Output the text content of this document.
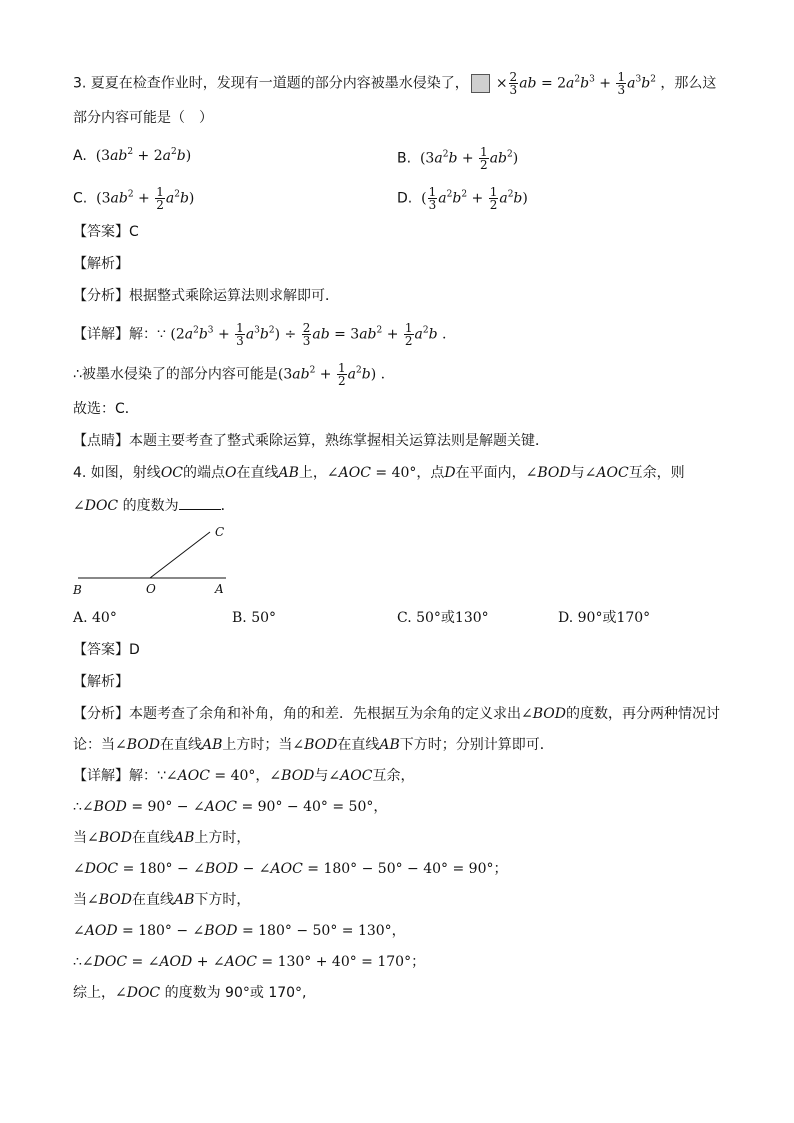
3. 夏夏在检查作业时，发现有一道题的部分内容被墨水侵染了， × $\frac{2}{3}$ ab = $2a^2b^3 + \frac{1}{3} a^3b^2$ ，那么这
部分内容可能是（　）
A. $(3ab^2 + 2a^2b)$	B. $(3a^2b + \frac{1}{2} ab^2)$
C. $(3ab^2 + \frac{1}{2} a^2b)$	D. ( $\frac{1}{3} a^2b^2 + \frac{1}{2} a^2b$)
【答案】C
【解析】
【分析】根据整式乘除运算法则求解即可．
【详解】解：∵ $(2a^2b^3 + \frac{1}{3} a^3b^2) \div \frac{2}{3}$ ab = $3ab^2 + \frac{1}{2} a^2b$ .
∴被墨水侵染了的部分内容可能是$(3ab^2 + \frac{1}{2} a^2b)$ .
故选：C．
【点睛】本题主要考查了整式乘除运算，熟练掌握相关运算法则是解题关键．
4. 如图，射线OC的端点O在直线AB上，∠AOC = 40°，点D在平面内，∠BOD与∠AOC互余，则
∠DOC 的度数为	．
C
B	O	A
A. 40°	B. 50°	C. 50°或130°	D. 90°或170°
【答案】D
【解析】
【分析】本题考查了余角和补角，角的和差．先根据互为余角的定义求出∠BOD的度数，再分两种情况讨
论：当∠BOD在直线AB上方时；当∠BOD在直线AB下方时；分别计算即可．
【详解】解：∵∠AOC = 40°，∠BOD与∠AOC互余，
∴∠BOD = 90° − ∠AOC = 90° − 40° = 50°，
当∠BOD在直线AB上方时，
∠DOC = 180° − ∠BOD − ∠AOC = 180° − 50° − 40° = 90°；
当∠BOD在直线AB下方时，
∠AOD = 180° − ∠BOD = 180° − 50° = 130°，
∴∠DOC = ∠AOD + ∠AOC = 130° + 40° = 170°；
综上，∠DOC 的度数为 90°或 170°,
